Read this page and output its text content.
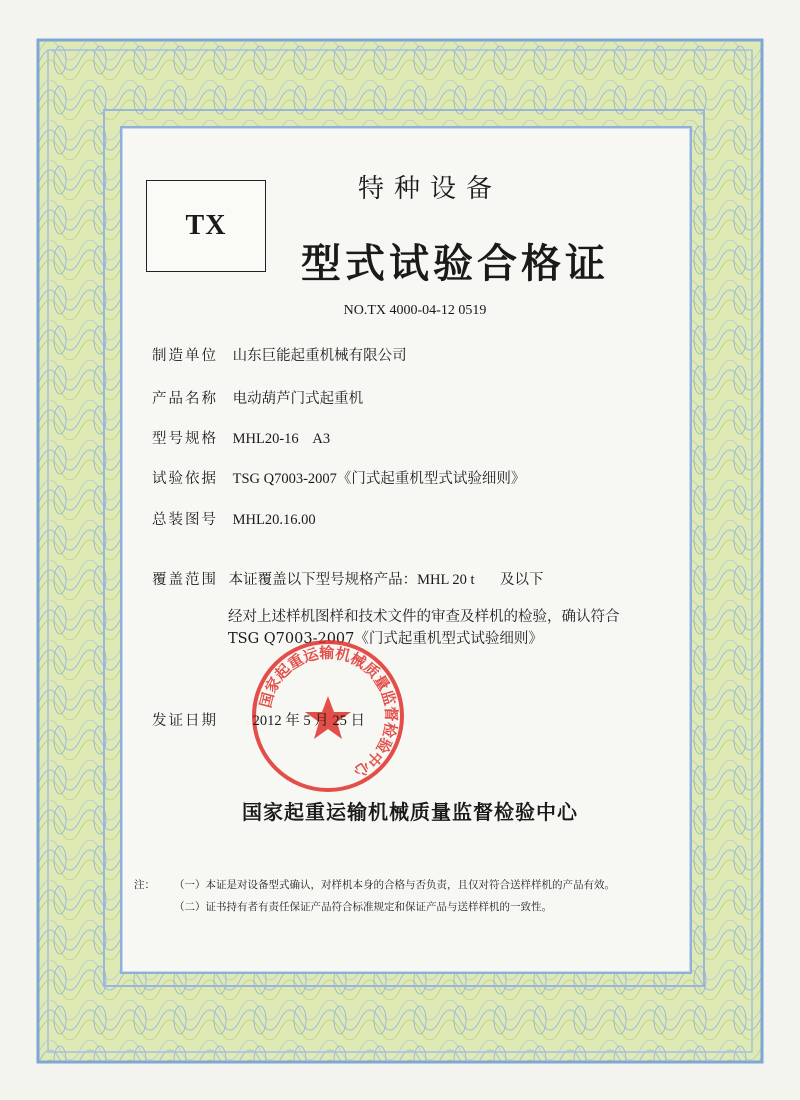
TX
特种设备
型式试验合格证
NO.TX 4000-04-12 0519
制造单位 山东巨能起重机械有限公司
产品名称 电动葫芦门式起重机
型号规格 MHL20-16    A3
试验依据 TSG Q7003-2007《门式起重机型式试验细则》
总装图号 MHL20.16.00
覆盖范围 本证覆盖以下型号规格产品：MHL 20 t       及以下
经对上述样机图样和技术文件的审查及样机的检验，确认符合
TSG Q7003-2007《门式起重机型式试验细则》
国家起重运输机械质量监督检验中心
发证日期 2012 年 5 月 25 日
国家起重运输机械质量监督检验中心
注： （一）本证是对设备型式确认，对样机本身的合格与否负责，且仅对符合送样样机的产品有效。
（二）证书持有者有责任保证产品符合标准规定和保证产品与送样样机的一致性。
